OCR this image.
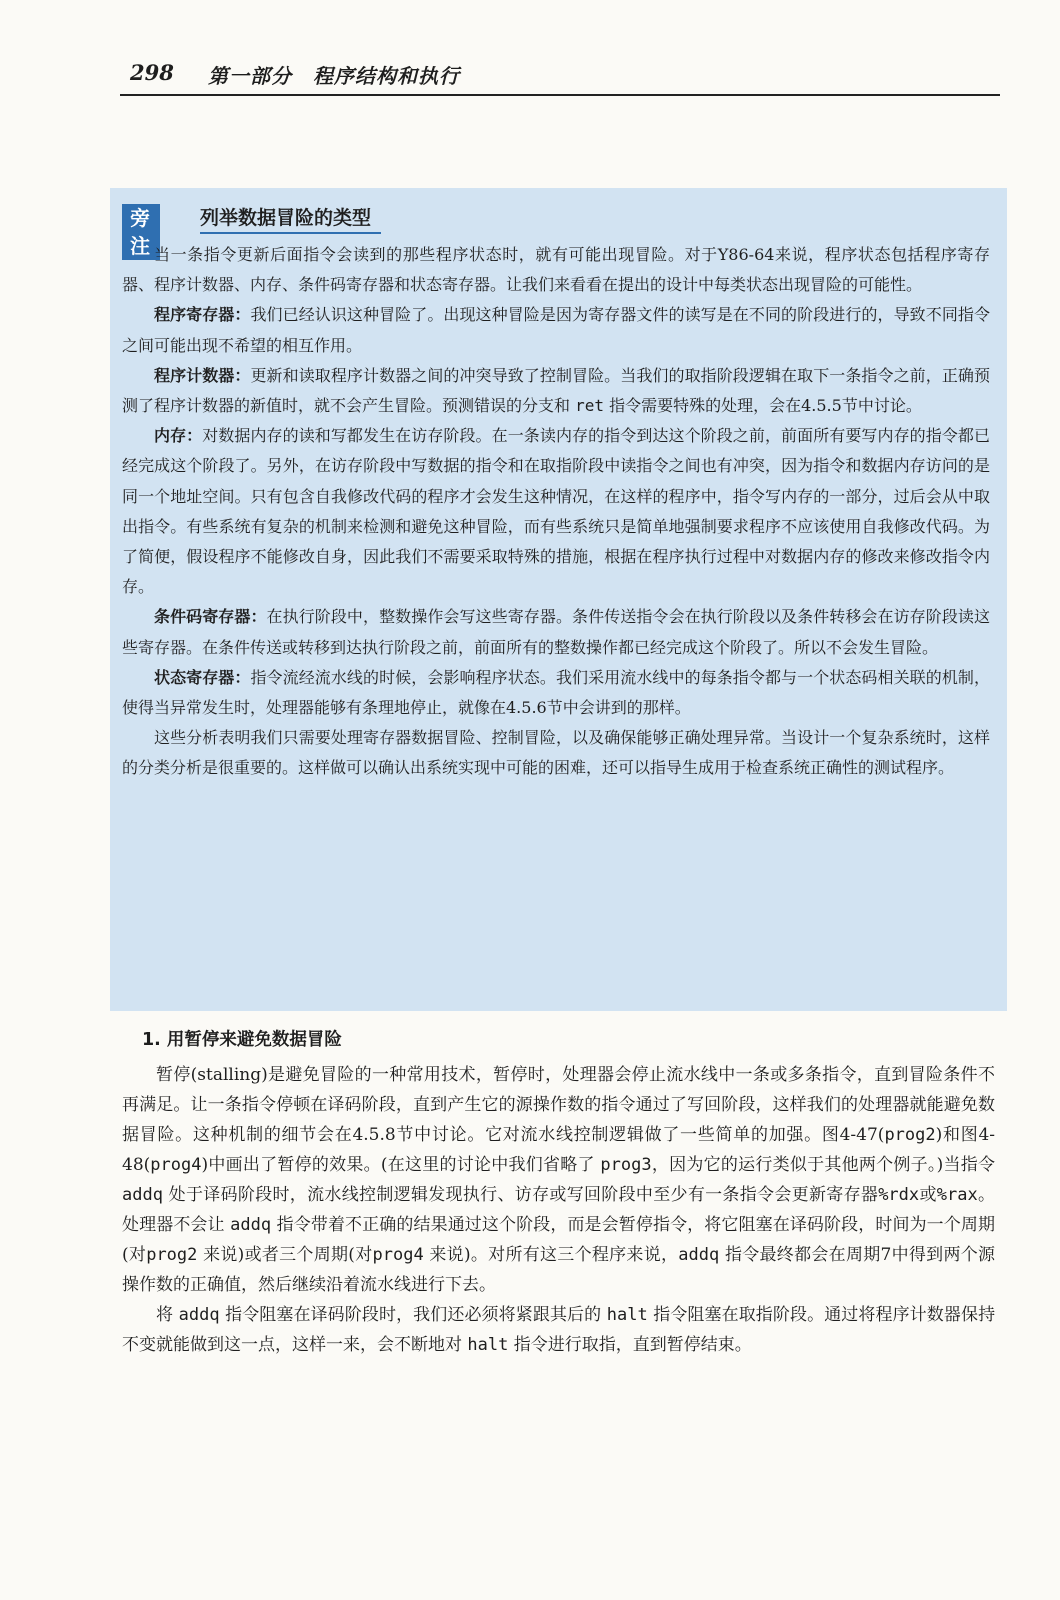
298 第一部分　程序结构和执行
旁注
列举数据冒险的类型

当一条指令更新后面指令会读到的那些程序状态时，就有可能出现冒险。对于Y86-64来说，程序状态包括程序寄存器、程序计数器、内存、条件码寄存器和状态寄存器。让我们来看看在提出的设计中每类状态出现冒险的可能性。

程序寄存器：我们已经认识这种冒险了。出现这种冒险是因为寄存器文件的读写是在不同的阶段进行的，导致不同指令之间可能出现不希望的相互作用。

程序计数器：更新和读取程序计数器之间的冲突导致了控制冒险。当我们的取指阶段逻辑在取下一条指令之前，正确预测了程序计数器的新值时，就不会产生冒险。预测错误的分支和 ret 指令需要特殊的处理，会在4.5.5节中讨论。

内存：对数据内存的读和写都发生在访存阶段。在一条读内存的指令到达这个阶段之前，前面所有要写内存的指令都已经完成这个阶段了。另外，在访存阶段中写数据的指令和在取指阶段中读指令之间也有冲突，因为指令和数据内存访问的是同一个地址空间。只有包含自我修改代码的程序才会发生这种情况，在这样的程序中，指令写内存的一部分，过后会从中取出指令。有些系统有复杂的机制来检测和避免这种冒险，而有些系统只是简单地强制要求程序不应该使用自我修改代码。为了简便，假设程序不能修改自身，因此我们不需要采取特殊的措施，根据在程序执行过程中对数据内存的修改来修改指令内存。

条件码寄存器：在执行阶段中，整数操作会写这些寄存器。条件传送指令会在执行阶段以及条件转移会在访存阶段读这些寄存器。在条件传送或转移到达执行阶段之前，前面所有的整数操作都已经完成这个阶段了。所以不会发生冒险。

状态寄存器：指令流经流水线的时候，会影响程序状态。我们采用流水线中的每条指令都与一个状态码相关联的机制，使得当异常发生时，处理器能够有条理地停止，就像在4.5.6节中会讲到的那样。

这些分析表明我们只需要处理寄存器数据冒险、控制冒险，以及确保能够正确处理异常。当设计一个复杂系统时，这样的分类分析是很重要的。这样做可以确认出系统实现中可能的困难，还可以指导生成用于检查系统正确性的测试程序。

1. 用暂停来避免数据冒险

暂停(stalling)是避免冒险的一种常用技术，暂停时，处理器会停止流水线中一条或多条指令，直到冒险条件不再满足。让一条指令停顿在译码阶段，直到产生它的源操作数的指令通过了写回阶段，这样我们的处理器就能避免数据冒险。这种机制的细节会在4.5.8节中讨论。它对流水线控制逻辑做了一些简单的加强。图4-47(prog2)和图4-48(prog4)中画出了暂停的效果。(在这里的讨论中我们省略了 prog3，因为它的运行类似于其他两个例子。)当指令 addq 处于译码阶段时，流水线控制逻辑发现执行、访存或写回阶段中至少有一条指令会更新寄存器%rdx或%rax。处理器不会让 addq 指令带着不正确的结果通过这个阶段，而是会暂停指令，将它阻塞在译码阶段，时间为一个周期(对prog2 来说)或者三个周期(对prog4 来说)。对所有这三个程序来说，addq 指令最终都会在周期7中得到两个源操作数的正确值，然后继续沿着流水线进行下去。

将 addq 指令阻塞在译码阶段时，我们还必须将紧跟其后的 halt 指令阻塞在取指阶段。通过将程序计数器保持不变就能做到这一点，这样一来，会不断地对 halt 指令进行取指，直到暂停结束。
